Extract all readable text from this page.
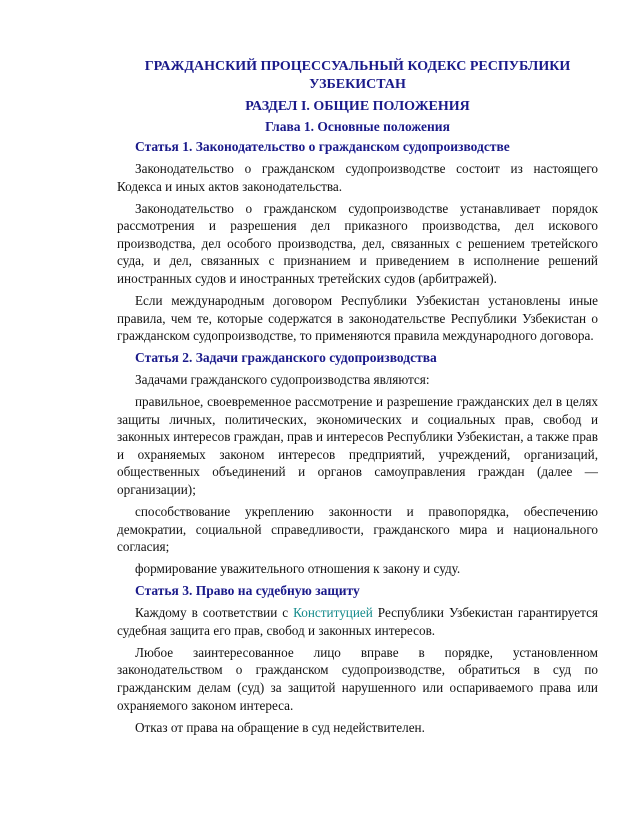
ГРАЖДАНСКИЙ ПРОЦЕССУАЛЬНЫЙ КОДЕКС РЕСПУБЛИКИ УЗБЕКИСТАН
РАЗДЕЛ I. ОБЩИЕ ПОЛОЖЕНИЯ
Глава 1. Основные положения
Статья 1. Законодательство о гражданском судопроизводстве

Законодательство о гражданском судопроизводстве состоит из настоящего Кодекса и иных актов законодательства.

Законодательство о гражданском судопроизводстве устанавливает порядок рассмотрения и разрешения дел приказного производства, дел искового производства, дел особого производства, дел, связанных с решением третейского суда, и дел, связанных с признанием и приведением в исполнение решений иностранных судов и иностранных третейских судов (арбитражей).

Если международным договором Республики Узбекистан установлены иные правила, чем те, которые содержатся в законодательстве Республики Узбекистан о гражданском судопроизводстве, то применяются правила международного договора.

Статья 2. Задачи гражданского судопроизводства

Задачами гражданского судопроизводства являются:

правильное, своевременное рассмотрение и разрешение гражданских дел в целях защиты личных, политических, экономических и социальных прав, свобод и законных интересов граждан, прав и интересов Республики Узбекистан, а также прав и охраняемых законом интересов предприятий, учреждений, организаций, общественных объединений и органов самоуправления граждан (далее — организации);

способствование укреплению законности и правопорядка, обеспечению демократии, социальной справедливости, гражданского мира и национального согласия;

формирование уважительного отношения к закону и суду.

Статья 3. Право на судебную защиту

Каждому в соответствии с Конституцией Республики Узбекистан гарантируется судебная защита его прав, свобод и законных интересов.

Любое заинтересованное лицо вправе в порядке, установленном законодательством о гражданском судопроизводстве, обратиться в суд по гражданским делам (суд) за защитой нарушенного или оспариваемого права или охраняемого законом интереса.

Отказ от права на обращение в суд недействителен.
